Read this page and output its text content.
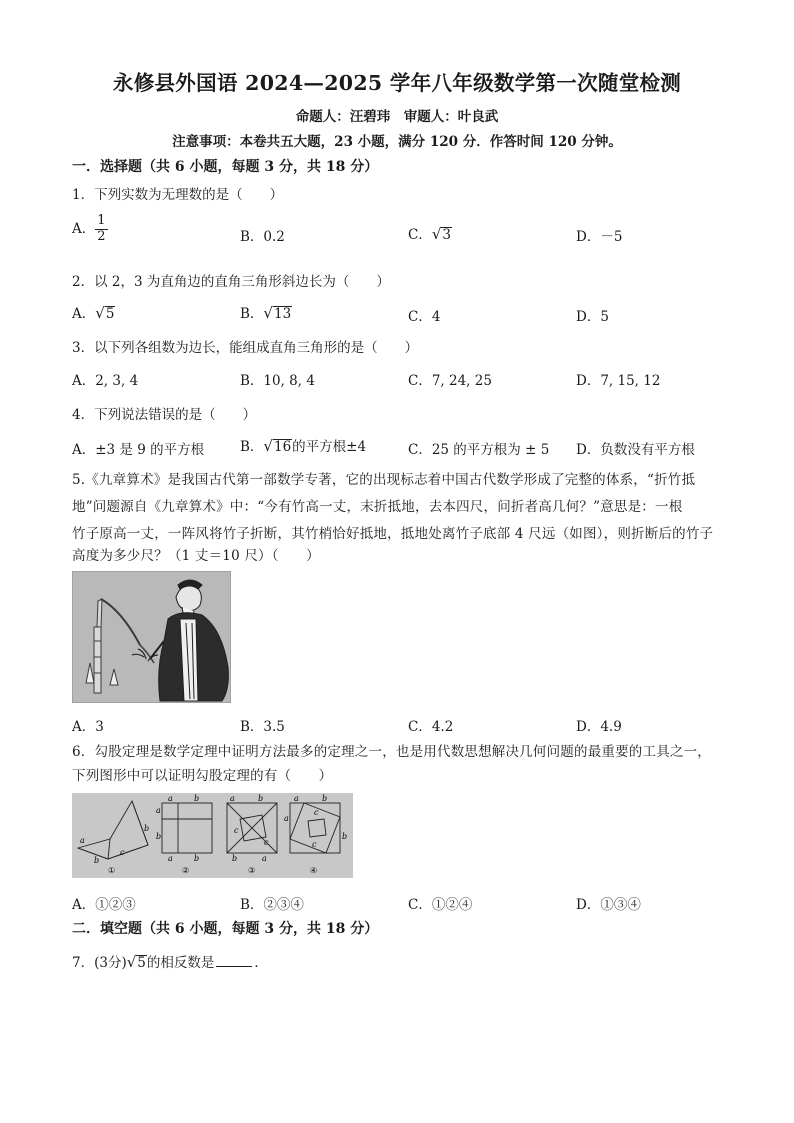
永修县外国语 2024—2025 学年八年级数学第一次随堂检测
命题人：汪碧玮　审题人：叶良武
注意事项：本卷共五大题，23 小题，满分 120 分．作答时间 120 分钟。
一．选择题（共 6 小题，每题 3 分，共 18 分）
1．下列实数为无理数的是（　　）
A． $\frac{1}{2}$	B．0.2	C．√3	D．－5
2．以 2，3 为直角边的直角三角形斜边长为（　　）
A．√5	B．√13	C．4	D．5
3．以下列各组数为边长，能组成直角三角形的是（　　）
A．2, 3, 4	B．10, 8, 4	C．7, 24, 25	D．7, 15, 12
4．下列说法错误的是（　　）
A．±3 是 9 的平方根	B．√16的平方根±4	C．25 的平方根为 ± 5 D．负数没有平方根
5.《九章算术》是我国古代第一部数学专著，它的出现标志着中国古代数学形成了完整的体系，“折竹抵
地”问题源自《九章算术》中：“今有竹高一丈，末折抵地，去本四尺，问折者高几何？”意思是：一根
竹子原高一丈，一阵风将竹子折断，其竹梢恰好抵地，抵地处离竹子底部 4 尺远（如图），则折断后的竹子
高度为多少尺？（1 丈＝10 尺）（　　）
A．3	B．3.5	C．4.2	D．4.9
6．勾股定理是数学定理中证明方法最多的定理之一，也是用代数思想解决几何问题的最重要的工具之一，
下列图形中可以证明勾股定理的有（　　）
a
b
c
b
①
a	b
a
b
a	b
②
a	b
c
c
b	a
③
a	b
a
b
c
c
④
A．①②③	B．②③④	C．①②④	D．①③④
二．填空题（共 6 小题，每题 3 分，共 18 分）
7．(3分)√5的相反数是	．
